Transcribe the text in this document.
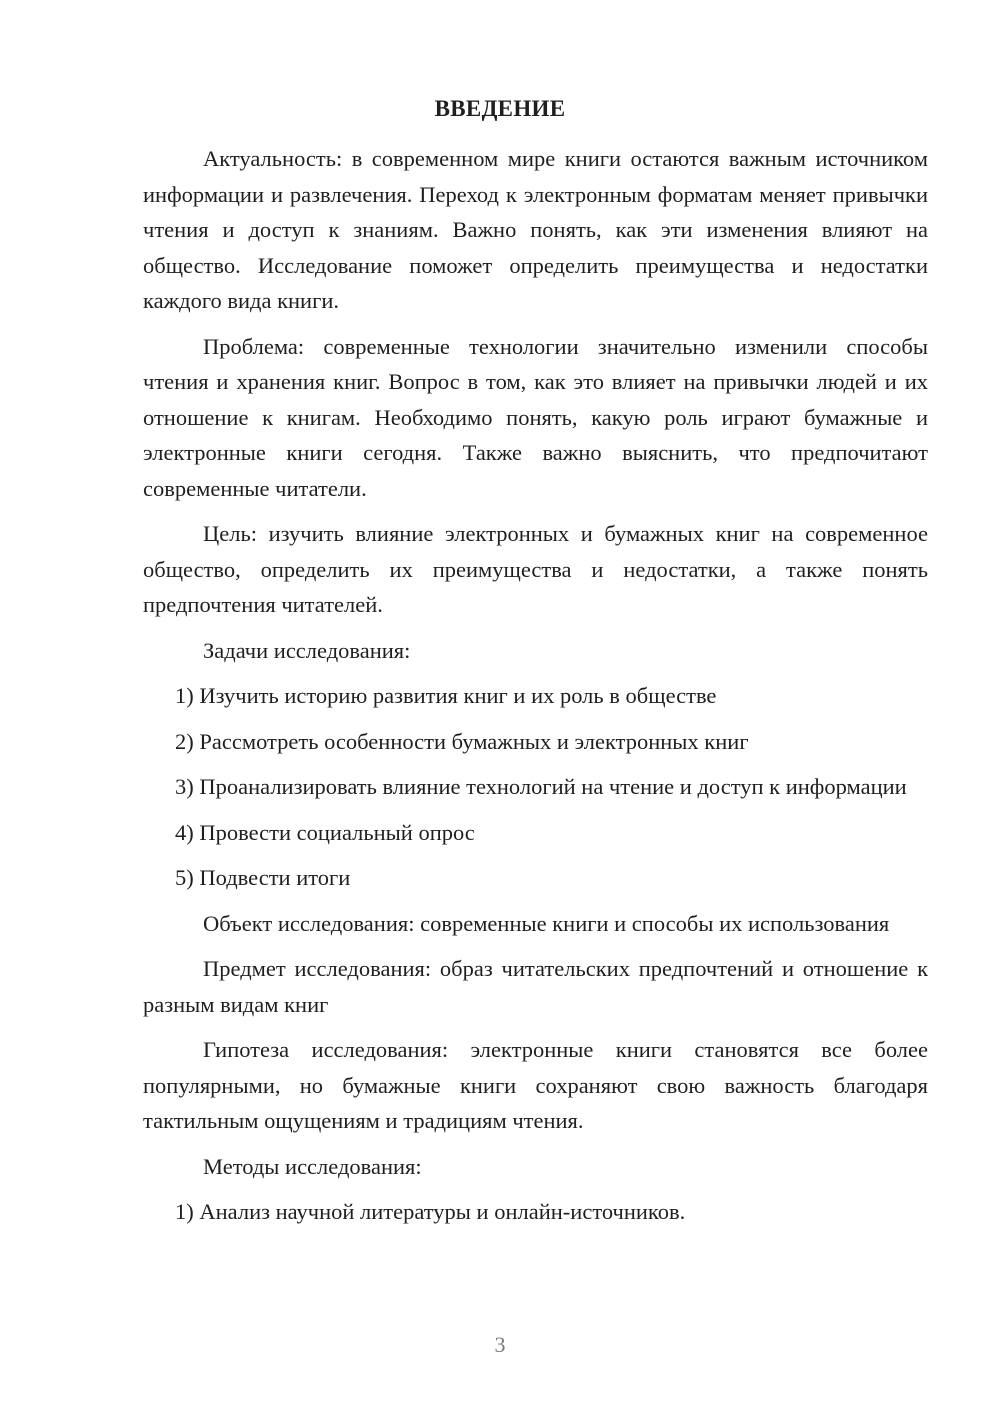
ВВЕДЕНИЕ

Актуальность: в современном мире книги остаются важным источником информации и развлечения. Переход к электронным форматам меняет привычки чтения и доступ к знаниям. Важно понять, как эти изменения влияют на общество. Исследование поможет определить преимущества и недостатки каждого вида книги.

Проблема: современные технологии значительно изменили способы чтения и хранения книг. Вопрос в том, как это влияет на привычки людей и их отношение к книгам. Необходимо понять, какую роль играют бумажные и электронные книги сегодня. Также важно выяснить, что предпочитают современные читатели.

Цель: изучить влияние электронных и бумажных книг на современное общество, определить их преимущества и недостатки, а также понять предпочтения читателей.

Задачи исследования:

1) Изучить историю развития книг и их роль в обществе

2) Рассмотреть особенности бумажных и электронных книг

3) Проанализировать влияние технологий на чтение и доступ к информации

4) Провести социальный опрос

5) Подвести итоги

Объект исследования: современные книги и способы их использования

Предмет исследования: образ читательских предпочтений и отношение к разным видам книг

Гипотеза исследования: электронные книги становятся все более популярными, но бумажные книги сохраняют свою важность благодаря тактильным ощущениям и традициям чтения.

Методы исследования:

1) Анализ научной литературы и онлайн-источников.

3
